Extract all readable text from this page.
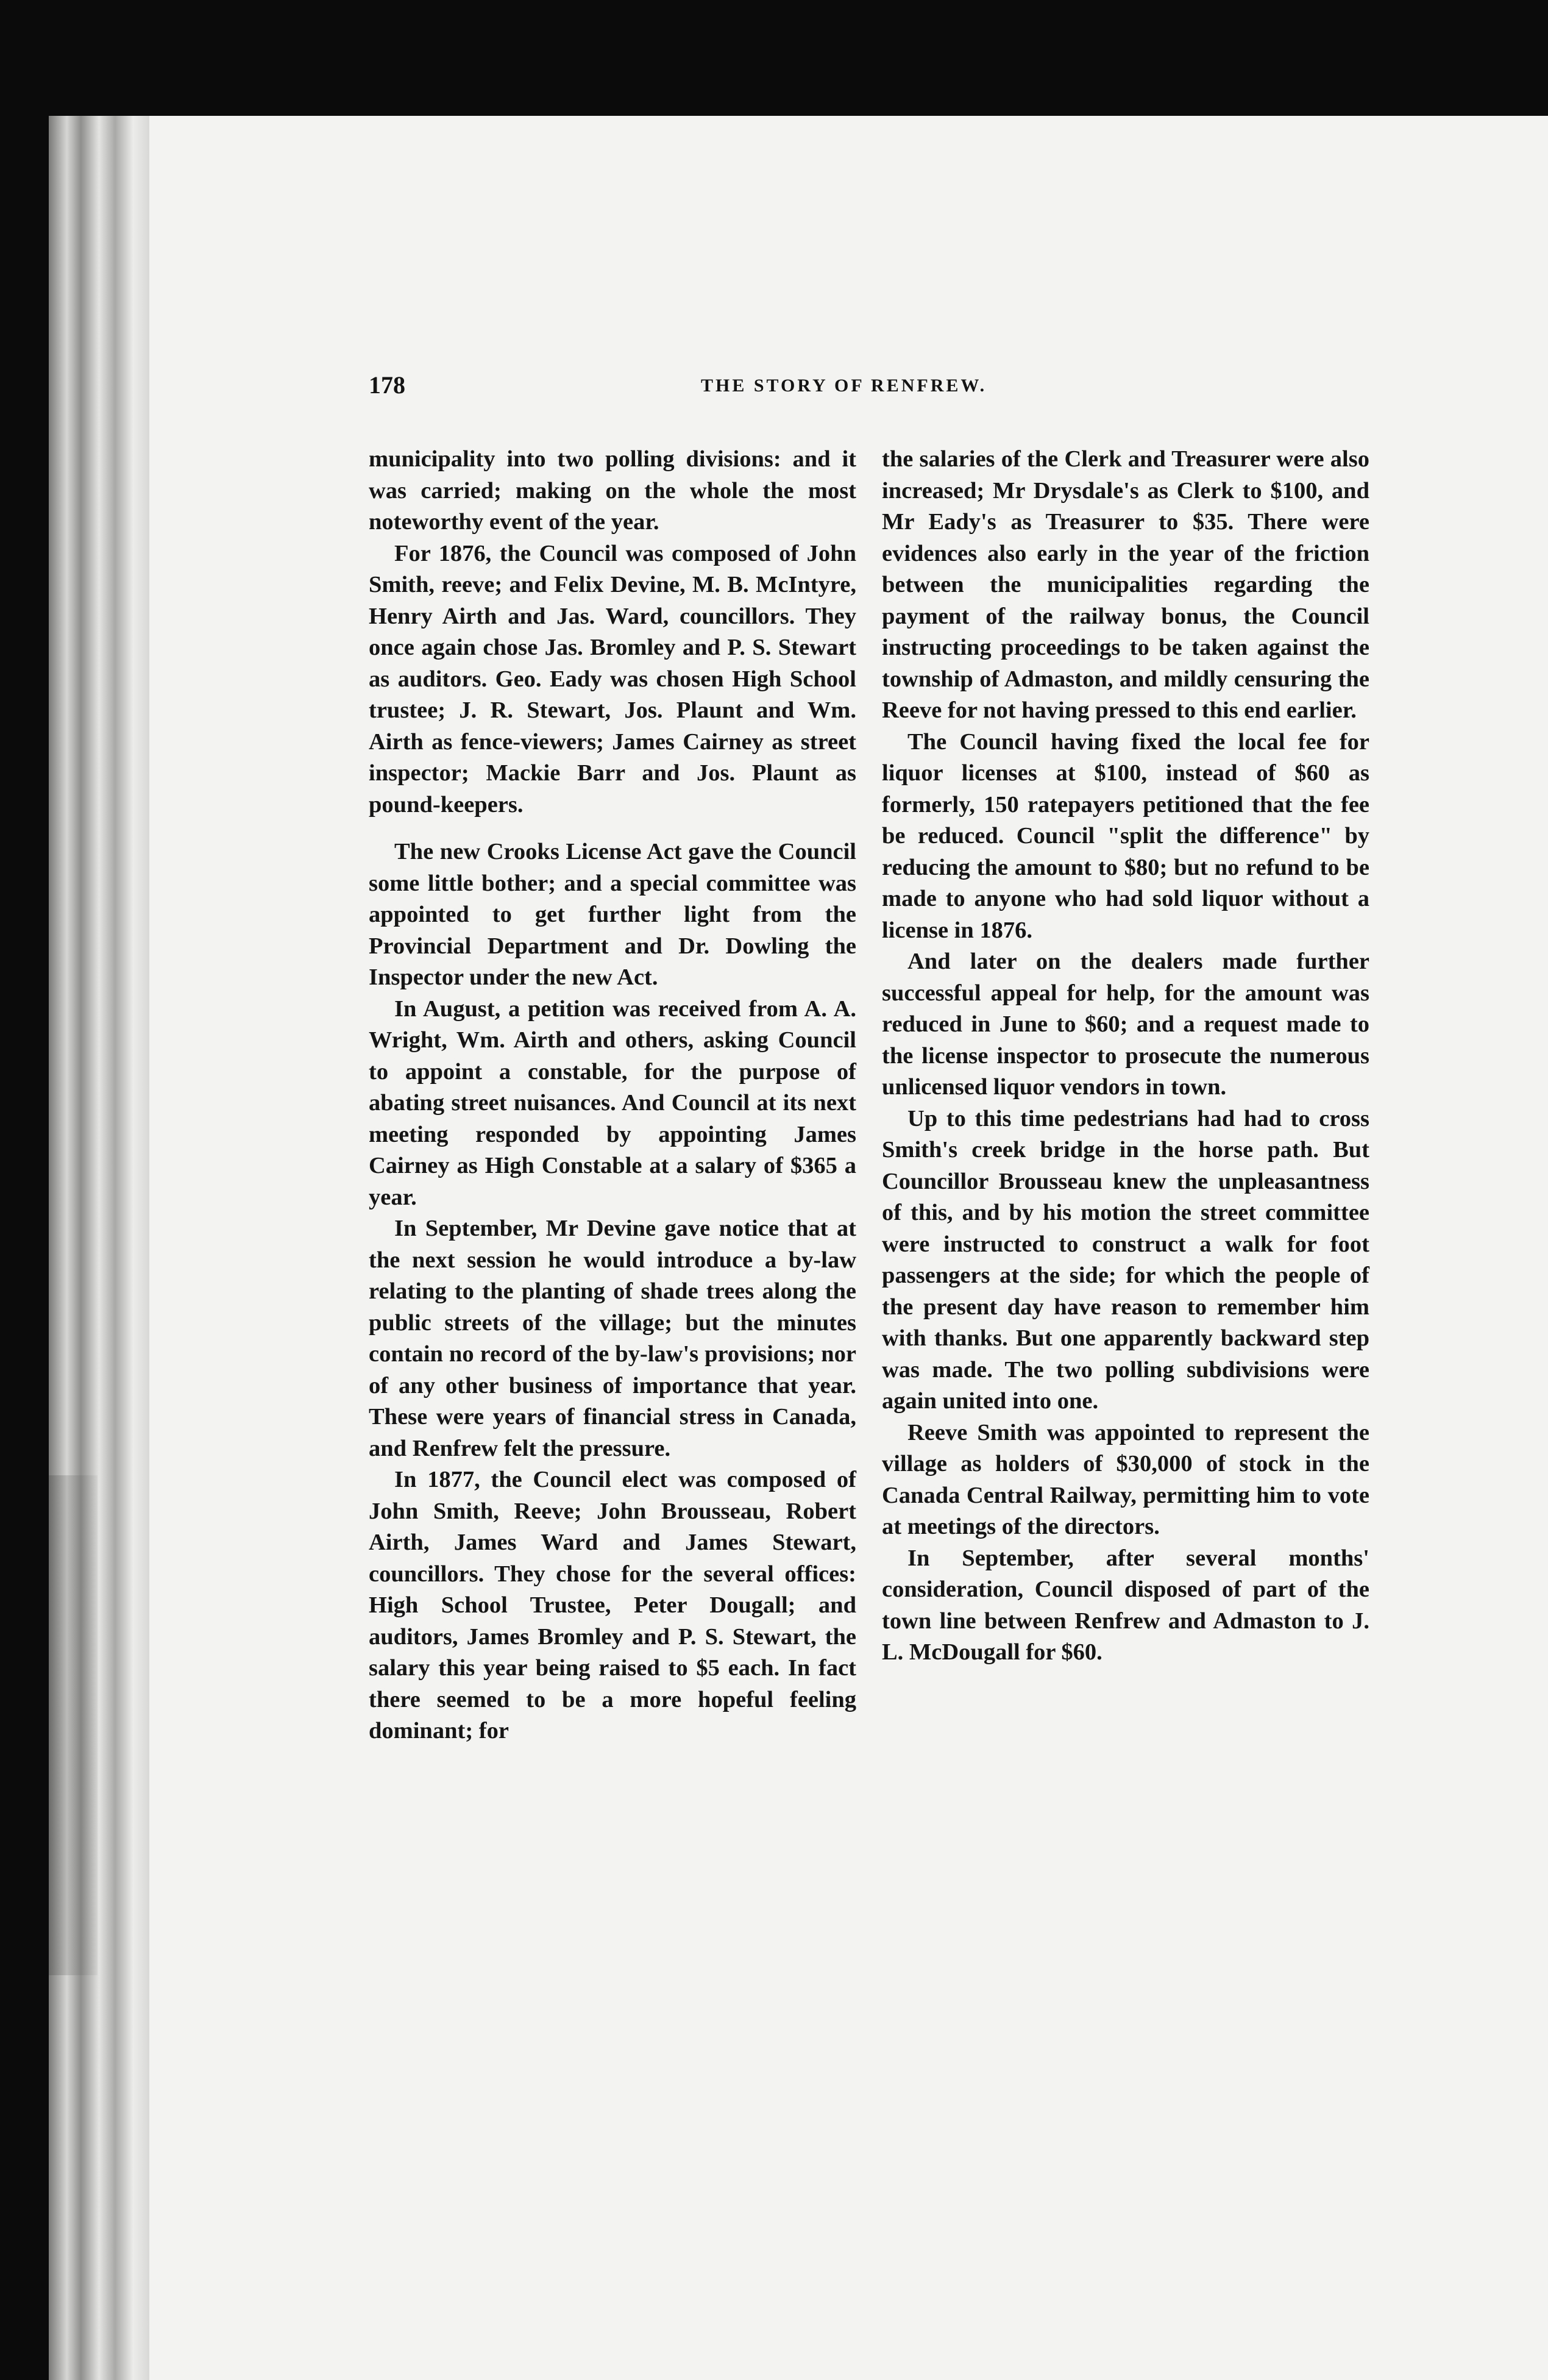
178	THE STORY OF RENFREW.

municipality into two polling divisions: and it was carried; making on the whole the most noteworthy event of the year.

For 1876, the Council was composed of John Smith, reeve; and Felix Devine, M. B. McIntyre, Henry Airth and Jas. Ward, councillors. They once again chose Jas. Bromley and P. S. Stewart as auditors. Geo. Eady was chosen High School trustee; J. R. Stewart, Jos. Plaunt and Wm. Airth as fence-viewers; James Cairney as street inspector; Mackie Barr and Jos. Plaunt as pound-keepers.

The new Crooks License Act gave the Council some little bother; and a special committee was appointed to get further light from the Provincial Department and Dr. Dowling the Inspector under the new Act.

In August, a petition was received from A. A. Wright, Wm. Airth and others, asking Council to appoint a constable, for the purpose of abating street nuisances. And Council at its next meeting responded by appointing James Cairney as High Constable at a salary of $365 a year.

In September, Mr Devine gave notice that at the next session he would introduce a by-law relating to the planting of shade trees along the public streets of the village; but the minutes contain no record of the by-law's provisions; nor of any other business of importance that year. These were years of financial stress in Canada, and Renfrew felt the pressure.

In 1877, the Council elect was composed of John Smith, Reeve; John Brousseau, Robert Airth, James Ward and James Stewart, councillors. They chose for the several offices: High School Trustee, Peter Dougall; and auditors, James Bromley and P. S. Stewart, the salary this year being raised to $5 each. In fact there seemed to be a more hopeful feeling dominant; for

the salaries of the Clerk and Treasurer were also increased; Mr Drysdale's as Clerk to $100, and Mr Eady's as Treasurer to $35. There were evidences also early in the year of the friction between the municipalities regarding the payment of the railway bonus, the Council instructing proceedings to be taken against the township of Admaston, and mildly censuring the Reeve for not having pressed to this end earlier.

The Council having fixed the local fee for liquor licenses at $100, instead of $60 as formerly, 150 ratepayers petitioned that the fee be reduced. Council "split the difference" by reducing the amount to $80; but no refund to be made to anyone who had sold liquor without a license in 1876.

And later on the dealers made further successful appeal for help, for the amount was reduced in June to $60; and a request made to the license inspector to prosecute the numerous unlicensed liquor vendors in town.

Up to this time pedestrians had had to cross Smith's creek bridge in the horse path. But Councillor Brousseau knew the unpleasantness of this, and by his motion the street committee were instructed to construct a walk for foot passengers at the side; for which the people of the present day have reason to remember him with thanks. But one apparently backward step was made. The two polling subdivisions were again united into one.

Reeve Smith was appointed to represent the village as holders of $30,000 of stock in the Canada Central Railway, permitting him to vote at meetings of the directors.

In September, after several months' consideration, Council disposed of part of the town line between Renfrew and Admaston to J. L. McDougall for $60.
